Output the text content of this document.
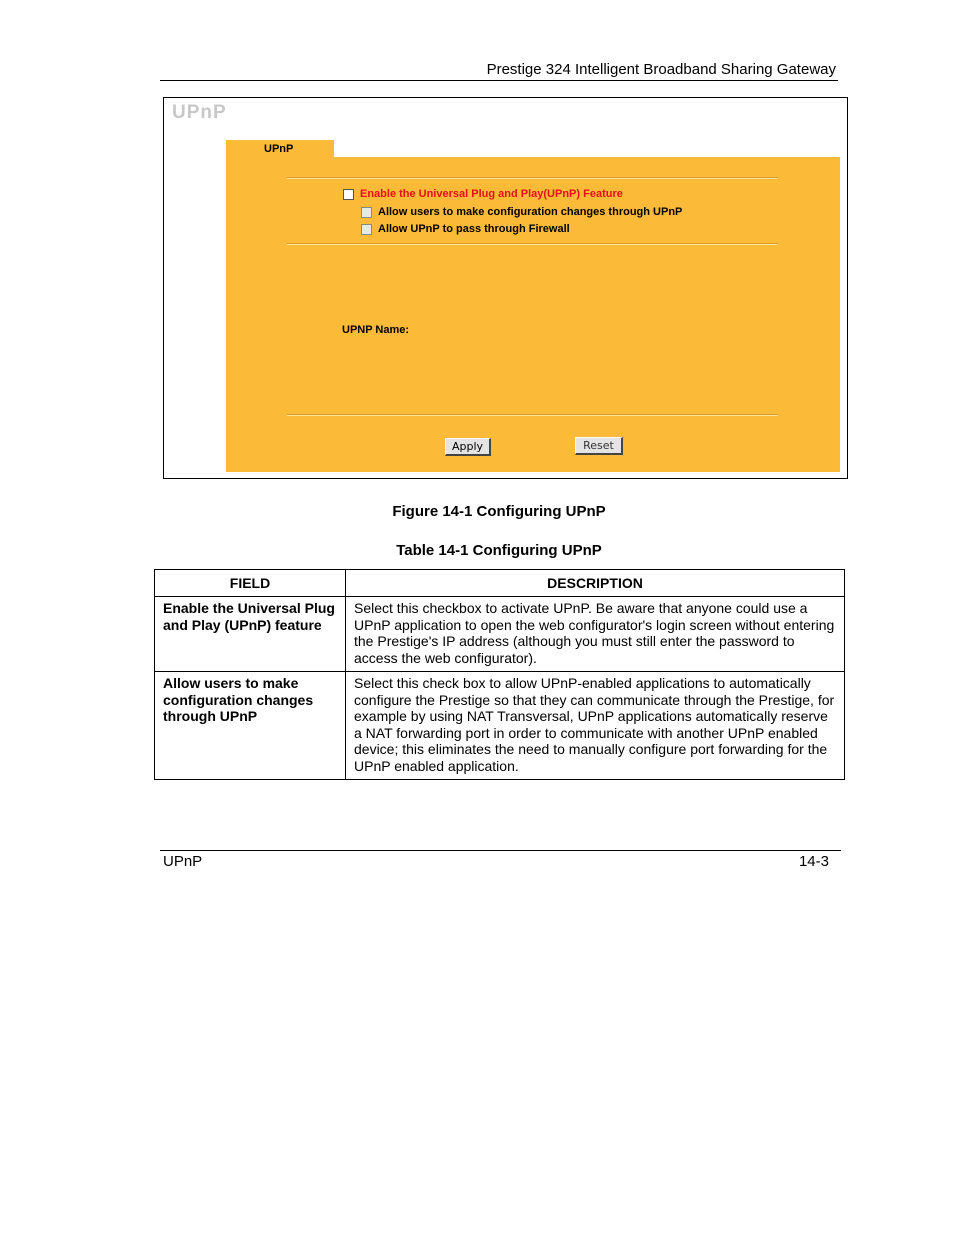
Prestige 324 Intelligent Broadband Sharing Gateway
UPnP
UPnP
Enable the Universal Plug and Play(UPnP) Feature
Allow users to make configuration changes through UPnP
Allow UPnP to pass through Firewall
UPNP Name:
Apply	Reset
Figure 14-1 Configuring UPnP
Table 14-1 Configuring UPnP
FIELD	DESCRIPTION
Enable the Universal Plug and Play (UPnP) feature	Select this checkbox to activate UPnP. Be aware that anyone could use a UPnP application to open the web configurator's login screen without entering the Prestige's IP address (although you must still enter the password to access the web configurator).
Allow users to make configuration changes through UPnP	Select this check box to allow UPnP-enabled applications to automatically configure the Prestige so that they can communicate through the Prestige, for example by using NAT Transversal, UPnP applications automatically reserve a NAT forwarding port in order to communicate with another UPnP enabled device; this eliminates the need to manually configure port forwarding for the UPnP enabled application.
UPnP	14-3
